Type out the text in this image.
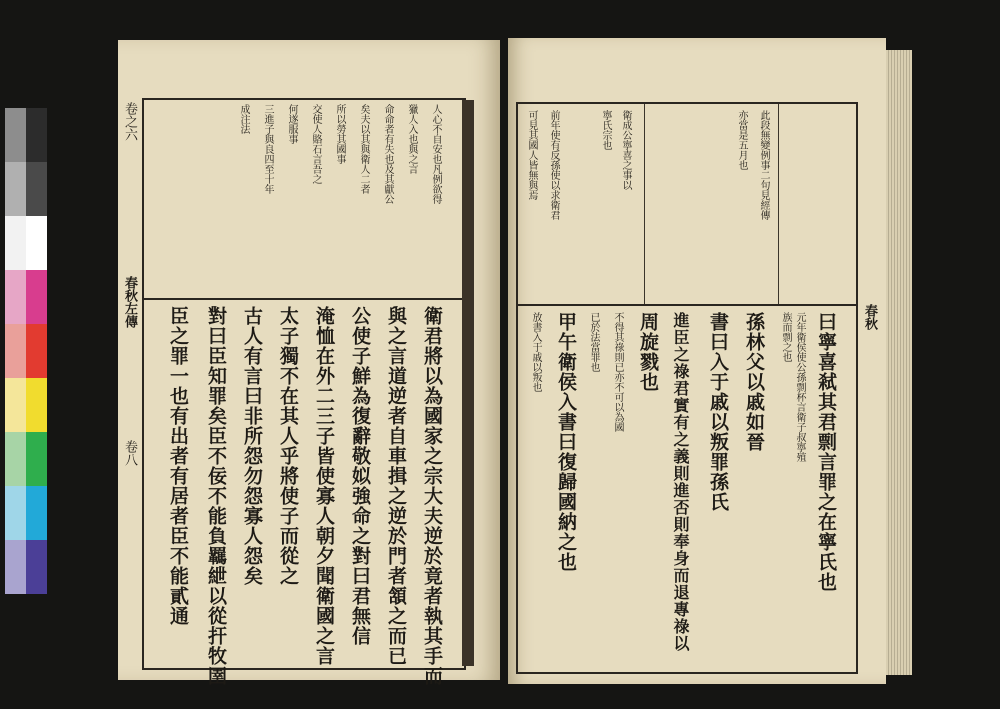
人心不自安也凡例欲得
獵人入也與之言
命命者有失也及其獻公
矣夫以其與衛人二者
所以勞其國事
交使人賂石言吾之
何遂服事
三進子與良四至十年
成注法
衛君將以為國家之宗大夫逆於竟者執其手而
與之言道逆者自車揖之逆於門者頷之而已
公使子鮮為復辭敬姒強命之對曰君無信
淹恤在外二三子皆使寡人朝夕聞衛國之言
太子獨不在其人乎將使子而從之
古人有言曰非所怨勿怨寡人怨矣
對曰臣知罪矣臣不佞不能負羈紲以從扞牧圉
臣之罪一也有出者有居者臣不能貳通
卷之六
春秋左傳
卷八
此段無變例事二句見經傳
亦當是五月也
衛成公寧喜之事以
寧氏宗也
前年使有反孫使以求衛君
可見其國人皆無與焉
孫林父以戚如晉
書曰入于戚以叛罪孫氏
進臣之祿君實有之義則進否則奉身而退專祿以
周旋戮也
不得其祿則已亦不可以為國
已於法當罪也
甲午衛侯入書曰復歸國納之也
放書入于戚以叛也	曰寧喜弒其君剽言罪之在寧氏也
元年衛侯使公孫剽杯言衛子叔寧殖
族而剽之也	春秋
